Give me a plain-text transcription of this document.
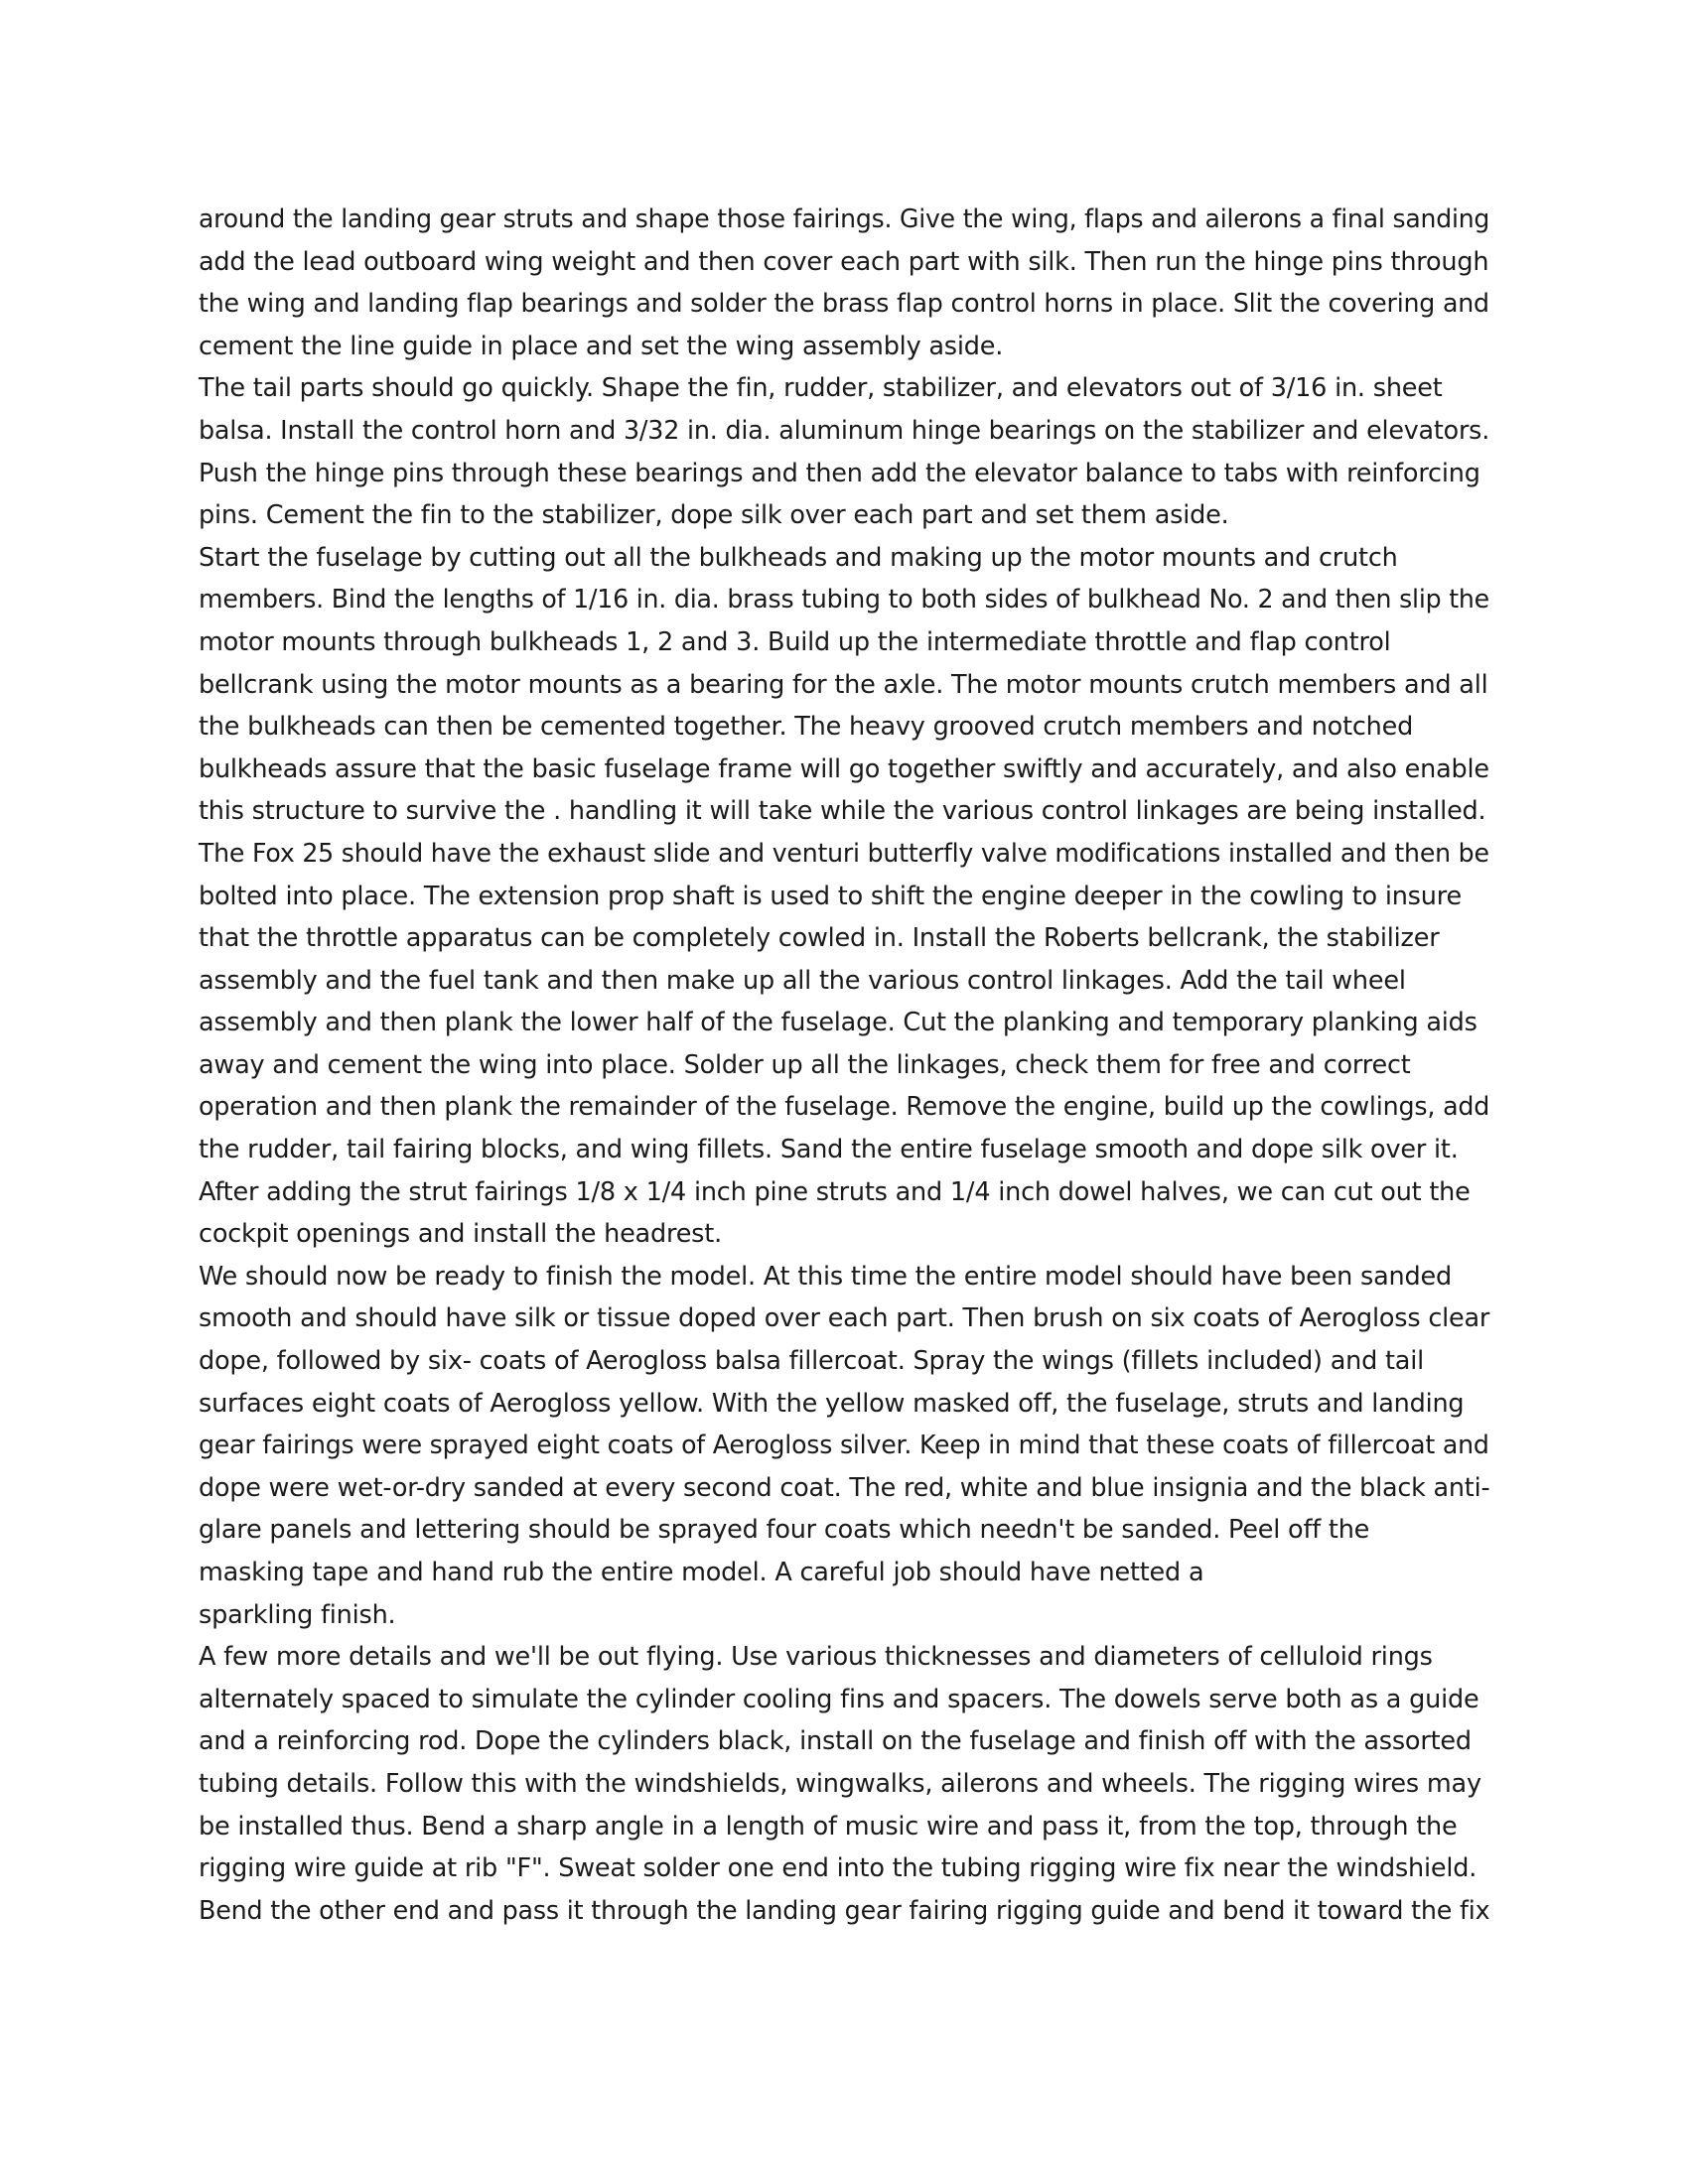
around the landing gear struts and shape those fairings. Give the wing, flaps and ailerons a final sanding
add the lead outboard wing weight and then cover each part with silk. Then run the hinge pins through
the wing and landing flap bearings and solder the brass flap control horns in place. Slit the covering and
cement the line guide in place and set the wing assembly aside.
The tail parts should go quickly. Shape the fin, rudder, stabilizer, and elevators out of 3/16 in. sheet
balsa. Install the control horn and 3/32 in. dia. aluminum hinge bearings on the stabilizer and elevators.
Push the hinge pins through these bearings and then add the elevator balance to tabs with reinforcing
pins. Cement the fin to the stabilizer, dope silk over each part and set them aside.
Start the fuselage by cutting out all the bulkheads and making up the motor mounts and crutch
members. Bind the lengths of 1/16 in. dia. brass tubing to both sides of bulkhead No. 2 and then slip the
motor mounts through bulkheads 1, 2 and 3. Build up the intermediate throttle and flap control
bellcrank using the motor mounts as a bearing for the axle. The motor mounts crutch members and all
the bulkheads can then be cemented together. The heavy grooved crutch members and notched
bulkheads assure that the basic fuselage frame will go together swiftly and accurately, and also enable
this structure to survive the . handling it will take while the various control linkages are being installed.
The Fox 25 should have the exhaust slide and venturi butterfly valve modifications installed and then be
bolted into place. The extension prop shaft is used to shift the engine deeper in the cowling to insure
that the throttle apparatus can be completely cowled in. Install the Roberts bellcrank, the stabilizer
assembly and the fuel tank and then make up all the various control linkages. Add the tail wheel
assembly and then plank the lower half of the fuselage. Cut the planking and temporary planking aids
away and cement the wing into place. Solder up all the linkages, check them for free and correct
operation and then plank the remainder of the fuselage. Remove the engine, build up the cowlings, add
the rudder, tail fairing blocks, and wing fillets. Sand the entire fuselage smooth and dope silk over it.
After adding the strut fairings 1/8 x 1/4 inch pine struts and 1/4 inch dowel halves, we can cut out the
cockpit openings and install the headrest.
We should now be ready to finish the model. At this time the entire model should have been sanded
smooth and should have silk or tissue doped over each part. Then brush on six coats of Aerogloss clear
dope, followed by six- coats of Aerogloss balsa fillercoat. Spray the wings (fillets included) and tail
surfaces eight coats of Aerogloss yellow. With the yellow masked off, the fuselage, struts and landing
gear fairings were sprayed eight coats of Aerogloss silver. Keep in mind that these coats of fillercoat and
dope were wet-or-dry sanded at every second coat. The red, white and blue insignia and the black anti-
glare panels and lettering should be sprayed four coats which needn't be sanded. Peel off the
masking tape and hand rub the entire model. A careful job should have netted a
sparkling finish.
A few more details and we'll be out flying. Use various thicknesses and diameters of celluloid rings
alternately spaced to simulate the cylinder cooling fins and spacers. The dowels serve both as a guide
and a reinforcing rod. Dope the cylinders black, install on the fuselage and finish off with the assorted
tubing details. Follow this with the windshields, wingwalks, ailerons and wheels. The rigging wires may
be installed thus. Bend a sharp angle in a length of music wire and pass it, from the top, through the
rigging wire guide at rib "F". Sweat solder one end into the tubing rigging wire fix near the windshield.
Bend the other end and pass it through the landing gear fairing rigging guide and bend it toward the fix
